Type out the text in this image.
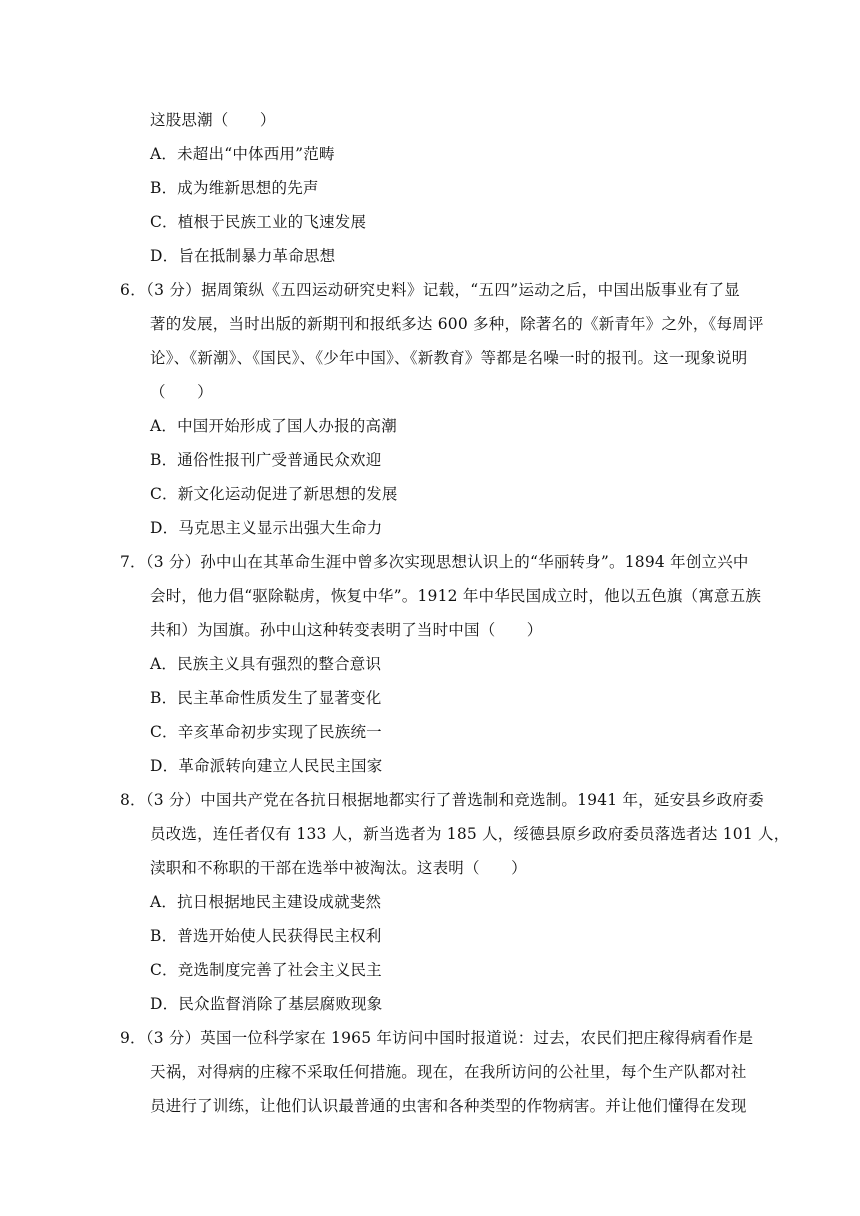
这股思潮（　　）
A．未超出“中体西用”范畴
B．成为维新思想的先声
C．植根于民族工业的飞速发展
D．旨在抵制暴力革命思想
6．（3 分）据周策纵《五四运动研究史料》记载，“五四”运动之后，中国出版事业有了显
著的发展，当时出版的新期刊和报纸多达 600 多种，除著名的《新青年》之外，《每周评
论》、《新潮》、《国民》、《少年中国》、《新教育》等都是名噪一时的报刊。这一现象说明
（　　）
A．中国开始形成了国人办报的高潮
B．通俗性报刊广受普通民众欢迎
C．新文化运动促进了新思想的发展
D．马克思主义显示出强大生命力
7．（3 分）孙中山在其革命生涯中曾多次实现思想认识上的“华丽转身”。1894 年创立兴中
会时，他力倡“驱除鞑虏，恢复中华”。1912 年中华民国成立时，他以五色旗（寓意五族
共和）为国旗。孙中山这种转变表明了当时中国（　　）
A．民族主义具有强烈的整合意识
B．民主革命性质发生了显著变化
C．辛亥革命初步实现了民族统一
D．革命派转向建立人民民主国家
8．（3 分）中国共产党在各抗日根据地都实行了普选制和竞选制。1941 年，延安县乡政府委
员改选，连任者仅有 133 人，新当选者为 185 人，绥德县原乡政府委员落选者达 101 人，
渎职和不称职的干部在选举中被淘汰。这表明（　　）
A．抗日根据地民主建设成就斐然
B．普选开始使人民获得民主权利
C．竞选制度完善了社会主义民主
D．民众监督消除了基层腐败现象
9．（3 分）英国一位科学家在 1965 年访问中国时报道说：过去，农民们把庄稼得病看作是
天祸，对得病的庄稼不采取任何措施。现在，在我所访问的公社里，每个生产队都对社
员进行了训练，让他们认识最普通的虫害和各种类型的作物病害。并让他们懂得在发现
